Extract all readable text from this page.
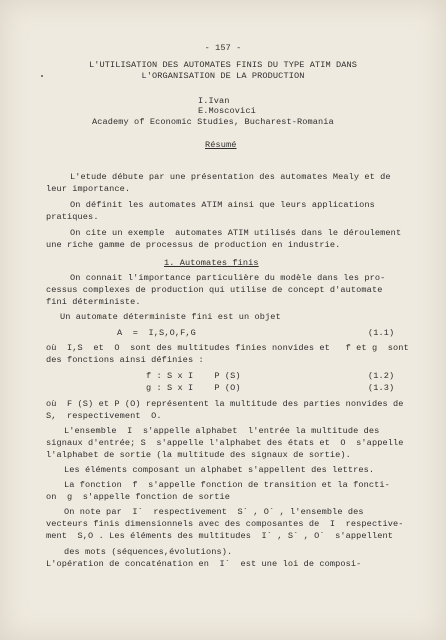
- 157 -
L'UTILISATION DES AUTOMATES FINIS DU TYPE ATIM DANS
L'ORGANISATION DE LA PRODUCTION
I.Ivan
E.Moscovici
Academy of Economic Studies, Bucharest-Romania
Résumé
L'etude débute par une présentation des automates Mealy et de
leur importance.
On définit les automates ATIM ainsi que leurs applications
pratiques.
On cite un exemple  automates ATIM utilisés dans le déroulement
une riche gamme de processus de production en industrie.
1. Automates finis
On connait l'importance particulière du modèle dans les pro-
cessus complexes de production qui utilise de concept d'automate
fini déterministe.
Un automate déterministe fini est un objet
A  =  I,S,O,F,G	(1.1)
où  I,S  et  O  sont des multitudes finies nonvides et   f et g  sont
des fonctions ainsi définies :
f : S x I    P (S)	(1.2)
g : S x I    P (O)	(1.3)
où  F (S) et P (O) représentent la multitude des parties nonvides de
S,  respectivement  O.
L'ensemble  I  s'appelle alphabet  l'entrée la multitude des
signaux d'entrée; S  s'appelle l'alphabet des états et  O  s'appelle
l'alphabet de sortie (la multitude des signaux de sortie).
Les éléments composant un alphabet s'appellent des lettres.
La fonction  f  s'appelle fonction de transition et la foncti-
on  g  s'appelle fonction de sortie
On note par  I`  respectivement  S` , O` , l'ensemble des
vecteurs finis dimensionnels avec des composantes de  I  respective-
ment  S,O . Les éléments des multitudes  I` , S` , O`  s'appellent
des mots (séquences,évolutions).
L'opération de concaténation en  I`  est une loi de composi-
